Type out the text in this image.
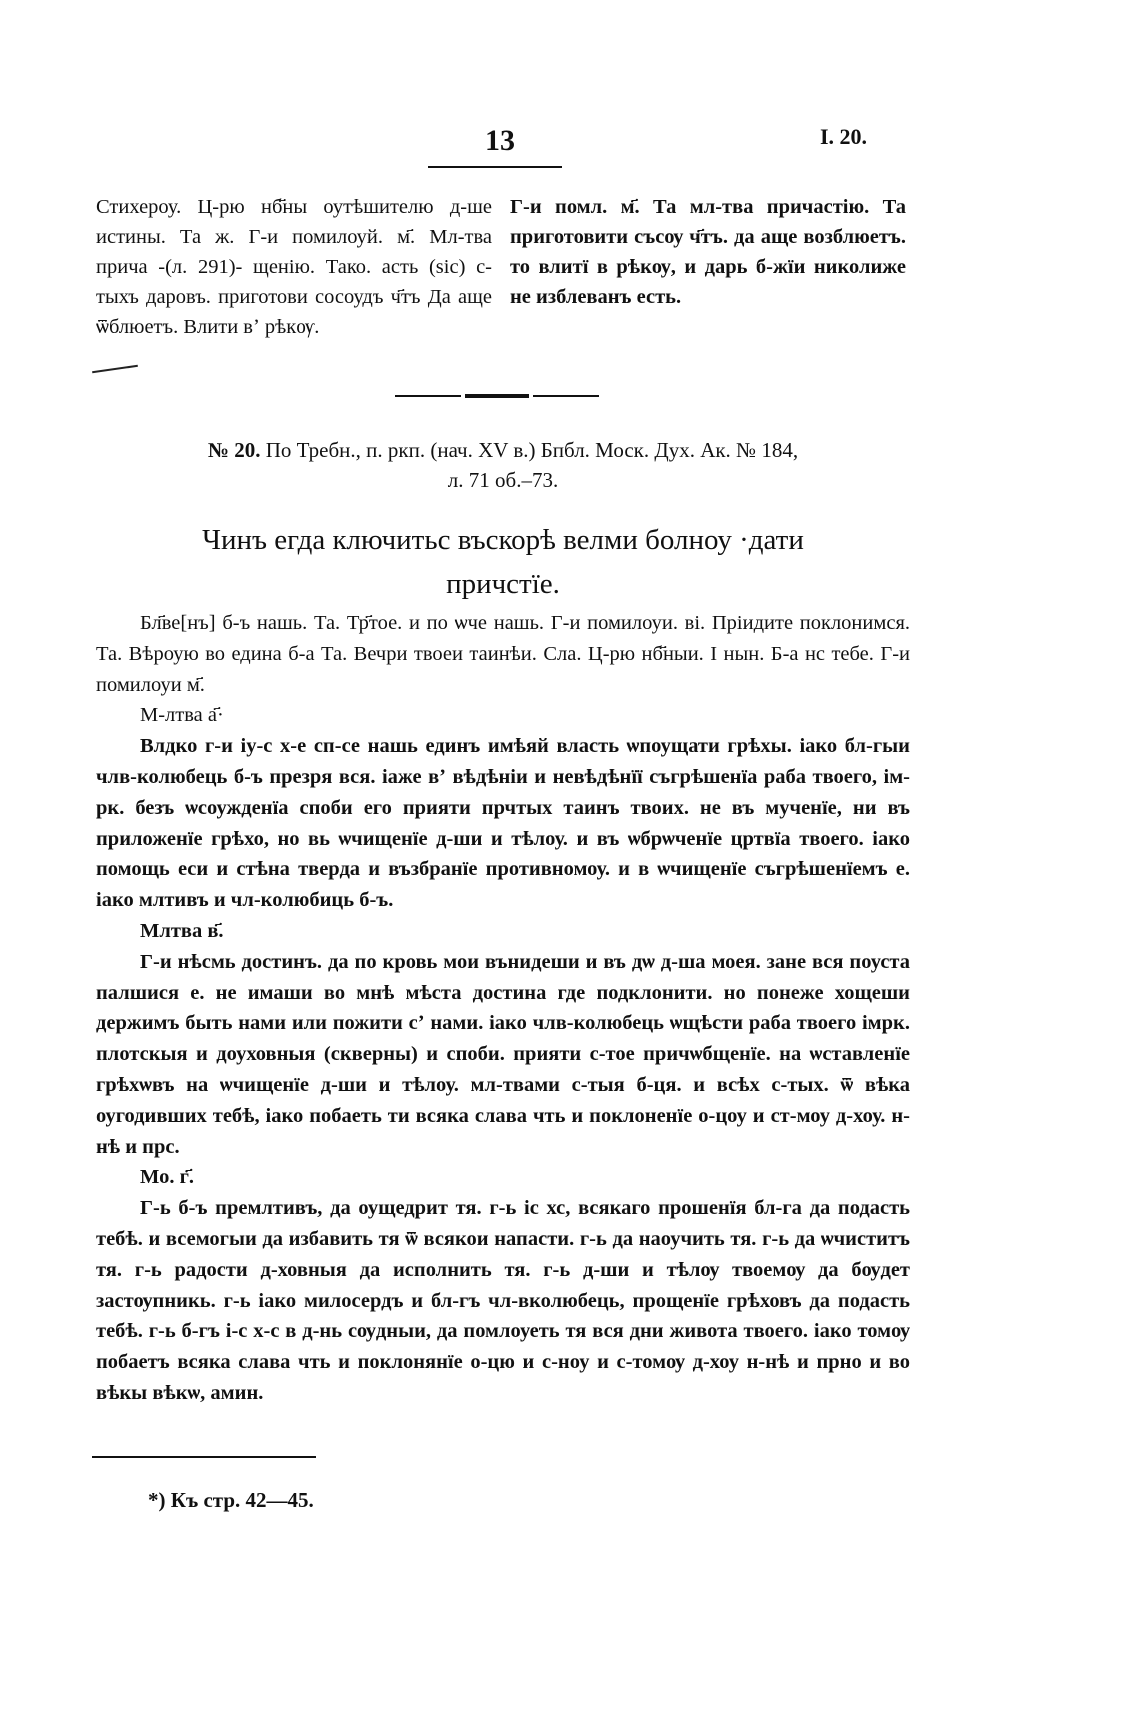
13	I. 20.

Стихероу. Ц-рю нб҃ны оутѣшителю д-ше истины. Та ж. Г-и помилоуй. м҃. Мл-тва прича -(л. 291)- щенію. Тако. асть (sic) с-тыхъ даровъ. приготови сосоудъ ч҃тъ Да аще ѿблюетъ. Влити вʼ рѣкѹ.

Г-и помл. м҃. Та мл-тва причастію. Та приготовити съсѹ ч҃тъ. да аще возблюетъ. то влитї в рѣкѹ, и дарь б-жїи николиже не изблеванъ есть.

№ 20. По Требн., п. ркп. (нач. XV в.) Бпбл. Моск. Дух. Ак. № 184,
л. 71 об.–73.
Чинъ егда ключитьс въскорѣ велми болноу ·дати
причстїе.

Бл҃ве[нъ] б-ъ нашь. Та. Тр҃тое. и по ѡче нашь. Г-и помилоуи. ві. Пріидите поклонимся. Та. Вѣроую во едина б-а Та. Вечри твоеи таинѣи. Сла. Ц-рю нб҃ныи. І нын. Б-а нс тебе. Г-и помилоуи м҃.

М-лтва а҃·

Влдко г-и іу-с х-е сп-се нашь единъ имѣяй власть ѡпоущати грѣхы. іако бл-гыи члв-колюбець б-ъ презря вся. іаже вʼ вѣдѣніи и невѣдѣнїї съгрѣшенїа раба твоего, ім-рк. безъ ѡсоужденїа споби его прияти прчтых таинъ твоих. не въ мученїе, ни въ приложенїе грѣхо, но вь ѡчищенїе д-ши и тѣлоу. и въ ѡбрѡченїе цртвїа твоего. іако помощь еси и стѣна тверда и възбранїе противномоу. и в ѡчищенїе съгрѣшенїемъ е. іако млтивъ и чл-колюбиць б-ъ.

Млтва в҃.

Г-и нѣсмь достинъ. да по кровь мои вънидеши и въ дѡ д-ша моея. зане вся поуста палшися е. не имаши во мнѣ мѣста достина где подклонити. но понеже хощеши держимъ быть нами или пожити сʼ нами. іако члв-колюбець ѡщѣсти раба твоего імрк. плотскыя и доуховныя (скверны) и споби. прияти с-тое причѡбщенїе. на ѡставленїе грѣхѡвъ на ѡчищенїе д-ши и тѣлоу. мл-твами с-тыя б-ця. и всѣх с-тых. ѿ вѣка оугодивших тебѣ, іако побаеть ти всяка слава чть и поклоненїе о-цоу и ст-моу д-хоу. н-нѣ и прс.

Мо. г҃.

Г-ь б-ъ премлтивъ, да оущедрит тя. г-ь іс хс, всякаго прошенїя бл-га да подасть тебѣ. и всемогыи да избавить тя ѿ всякои напасти. г-ь да наоучить тя. г-ь да ѡчиститъ тя. г-ь радости д-ховныя да исполнить тя. г-ь д-ши и тѣлѹ твоемѹ да бѹдет застѹпникь. г-ь іако милосердъ и бл-гъ чл-вколюбець, прощенїе грѣховъ да подасть тебѣ. г-ь б-гъ і-с х-с в д-нь сѹдныи, да помлоуеть тя вся дни живота твоего. іако томѹ побаетъ всяка слава чть и поклонянїе о-цю и с-ноу и с-томѹ д-хоу н-нѣ и прно и во вѣкы вѣкѡ, амин.

*) Къ стр. 42—45.
